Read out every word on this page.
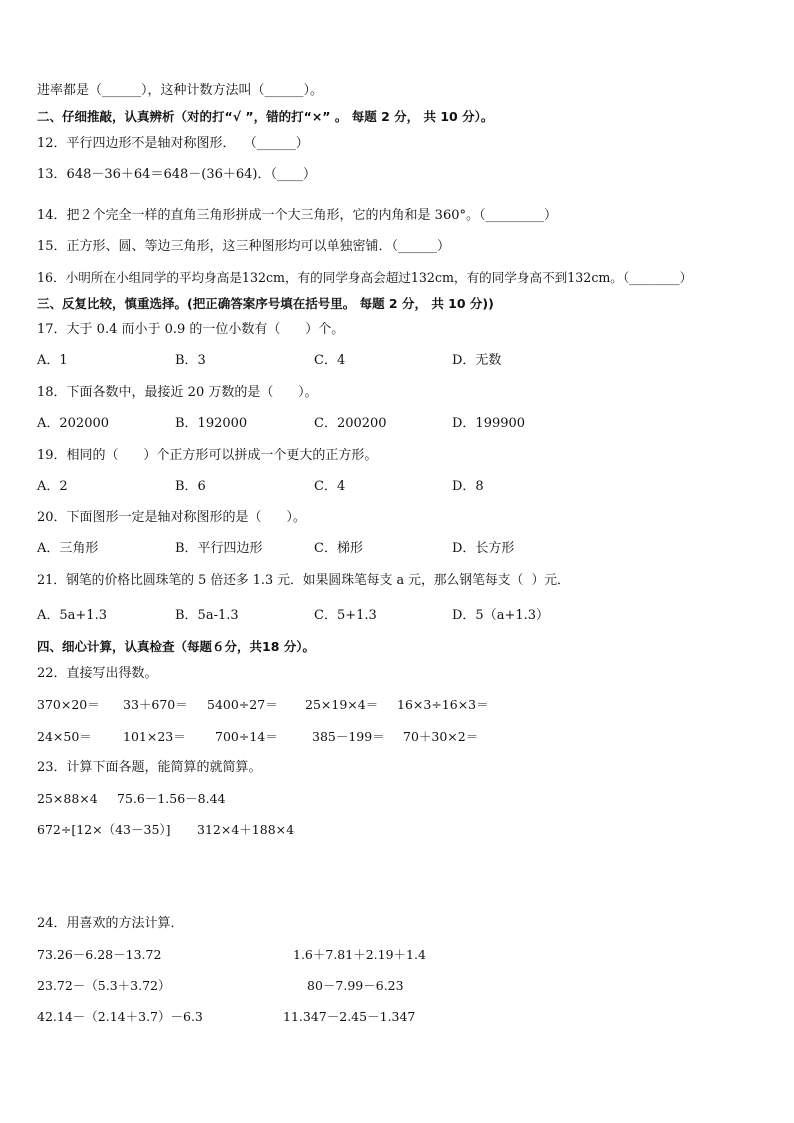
进率都是（______），这种计数方法叫（______）。
二、仔细推敲，认真辨析（对的打“√ ”，错的打“×” 。 每题 2 分， 共 10 分）。
12．平行四边形不是轴对称图形．  （______）
13．648－36＋64＝648－(36＋64)．（____）
14．把２个完全一样的直角三角形拼成一个大三角形，它的内角和是 360°。（_________）
15．正方形、圆、等边三角形，这三种图形均可以单独密铺．（______）
16．小明所在小组同学的平均身高是132cm，有的同学身高会超过132cm，有的同学身高不到132cm。（________）
三、反复比较，慎重选择。(把正确答案序号填在括号里。 每题 2 分， 共 10 分))
17．大于 0.4 而小于 0.9 的一位小数有（      ）个。
A．1	B．3	C．4	D．无数
18．下面各数中，最接近 20 万数的是（      ）。
A．202000	B．192000	C．200200	D．199900
19．相同的（      ）个正方形可以拼成一个更大的正方形。
A．2	B．6	C．4	D．8
20．下面图形一定是轴对称图形的是（      ）。
A．三角形	B．平行四边形	C．梯形	D．长方形
21．钢笔的价格比圆珠笔的 5 倍还多 1.3 元．如果圆珠笔每支 a 元，那么钢笔每支（  ）元．
A．5a+1.3	B．5a-1.3	C．5+1.3	D．5（a+1.3）
四、细心计算，认真检查（每题６分，共18 分）。
22．直接写出得数。
370×20＝ 33＋670＝ 5400÷27＝ 25×19×4＝ 16×3÷16×3＝
24×50＝ 101×23＝ 700÷14＝	385－199＝ 70＋30×2＝
23．计算下面各题，能简算的就简算。
25×88×4 75.6－1.56－8.44
672÷[12×（43－35）] 312×4＋188×4
24．用喜欢的方法计算．
73.26－6.28－13.72	1.6＋7.81＋2.19＋1.4
23.72－（5.3＋3.72）	80－7.99－6.23
42.14－（2.14＋3.7）－6.3	11.347－2.45－1.347
